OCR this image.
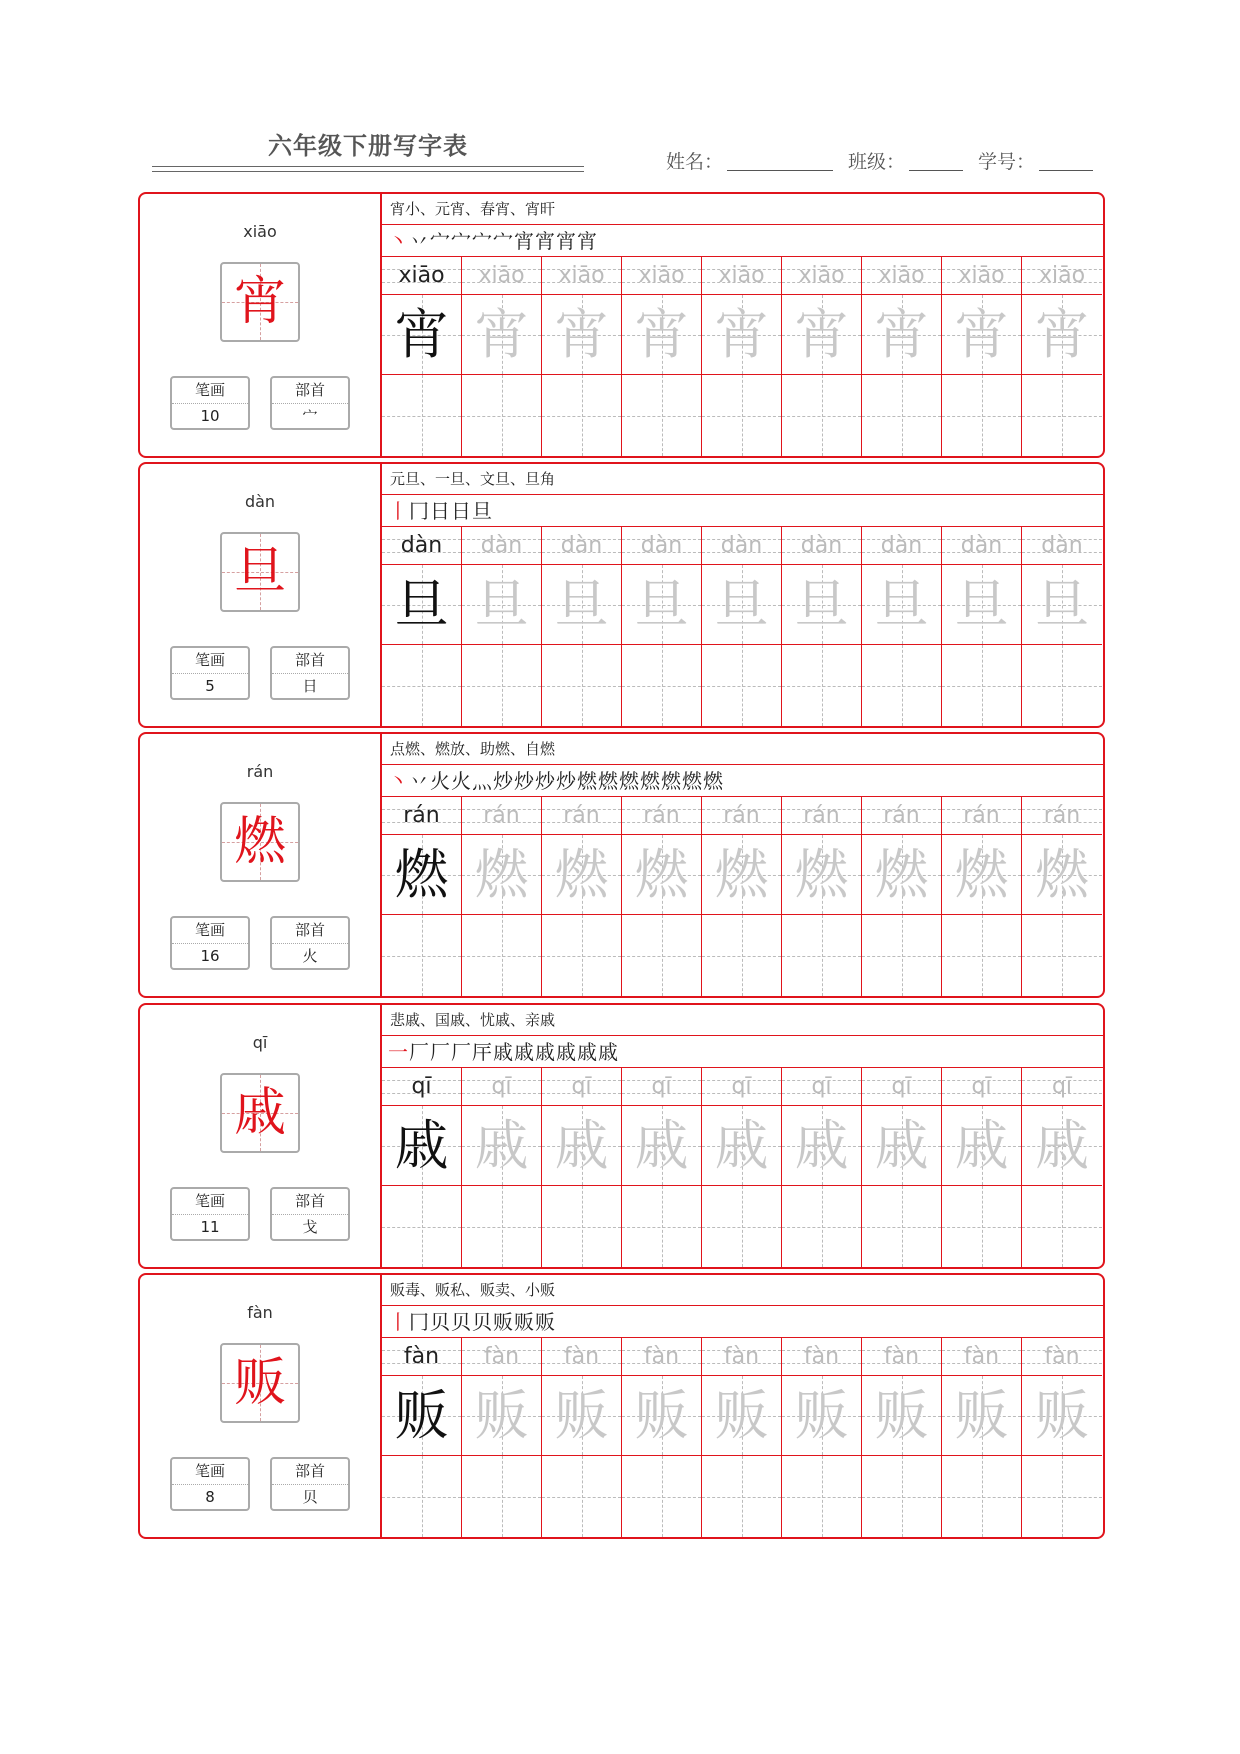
六年级下册写字表
姓名：	班级：	学号：
xiāo
宵
笔画
10
部首
宀
宵小、元宵、春宵、宵旰
丶丷宀宀宀宀宵宵宵宵
xiāo
宵
xiāo
宵
xiāo
宵
xiāo
宵
xiāo
宵
xiāo
宵
xiāo
宵
xiāo
宵
xiāo
宵
dàn
旦
笔画
5
部首
日
元旦、一旦、文旦、旦角
丨冂日日旦
dàn
旦
dàn
旦
dàn
旦
dàn
旦
dàn
旦
dàn
旦
dàn
旦
dàn
旦
dàn
旦
rán
燃
笔画
16
部首
火
点燃、燃放、助燃、自燃
丶丷火火灬炒炒炒炒燃燃燃燃燃燃燃
rán
燃
rán
燃
rán
燃
rán
燃
rán
燃
rán
燃
rán
燃
rán
燃
rán
燃
qī
戚
笔画
11
部首
戈
悲戚、国戚、忧戚、亲戚
一厂厂厂厈戚戚戚戚戚戚
qī
戚
qī
戚
qī
戚
qī
戚
qī
戚
qī
戚
qī
戚
qī
戚
qī
戚
fàn
贩
笔画
8
部首
贝
贩毒、贩私、贩卖、小贩
丨冂贝贝贝贩贩贩
fàn
贩
fàn
贩
fàn
贩
fàn
贩
fàn
贩
fàn
贩
fàn
贩
fàn
贩
fàn
贩
